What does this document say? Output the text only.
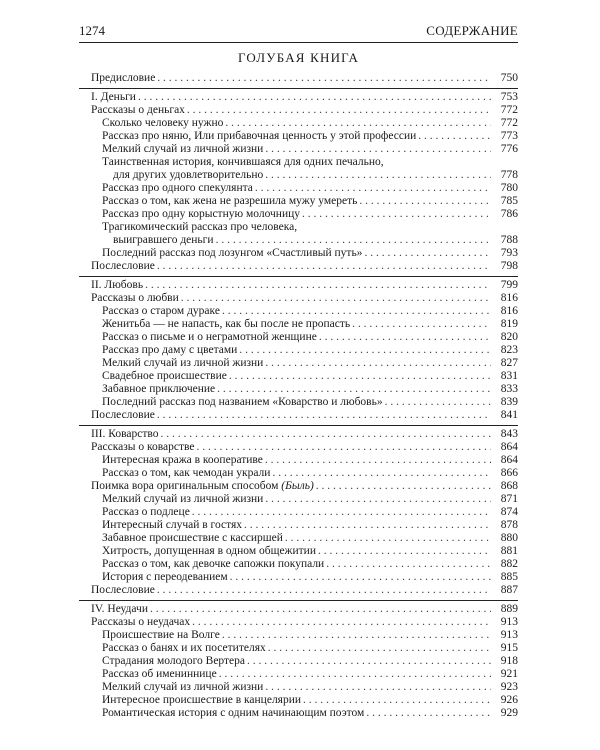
1274	СОДЕРЖАНИЕ
ГОЛУБАЯ КНИГА
Предисловие . . .	750
I. Деньги . . .	753
Рассказы о деньгах . . .	772
Сколько человеку нужно . . .	772
Рассказ про няню, Или прибавочная ценность у этой профессии . . .	773
Мелкий случай из личной жизни . . .	776
Таинственная история, кончившаяся для одних печально,
для других удовлетворительно . . .	778
Рассказ про одного спекулянта . . .	780
Рассказ о том, как жена не разрешила мужу умереть . . .	785
Рассказ про одну корыстную молочницу . . .	786
Трагикомический рассказ про человека,
выигравшего деньги . . .	788
Последний рассказ под лозунгом «Счастливый путь» . . .	793
Послесловие . . .	798
II. Любовь . . .	799
Рассказы о любви . . .	816
Рассказ о старом дураке . . .	816
Женитьба — не напасть, как бы после не пропасть . . .	819
Рассказ о письме и о неграмотной женщине . . .	820
Рассказ про даму с цветами . . .	823
Мелкий случай из личной жизни . . .	827
Свадебное происшествие . . .	831
Забавное приключение . . .	833
Последний рассказ под названием «Коварство и любовь» . . .	839
Послесловие . . .	841
III. Коварство . . .	843
Рассказы о коварстве . . .	864
Интересная кража в кооперативе . . .	864
Рассказ о том, как чемодан украли . . .	866
Поимка вора оригинальным способом (Быль) . . .	868
Мелкий случай из личной жизни . . .	871
Рассказ о подлеце . . .	874
Интересный случай в гостях . . .	878
Забавное происшествие с кассиршей . . .	880
Хитрость, допущенная в одном общежитии . . .	881
Рассказ о том, как девочке сапожки покупали . . .	882
История с переодеванием . . .	885
Послесловие . . .	887
IV. Неудачи . . .	889
Рассказы о неудачах . . .	913
Происшествие на Волге . . .	913
Рассказ о банях и их посетителях . . .	915
Страдания молодого Вертера . . .	918
Рассказ об имениннице . . .	921
Мелкий случай из личной жизни . . .	923
Интересное происшествие в канцелярии . . .	926
Романтическая история с одним начинающим поэтом . . .	929
